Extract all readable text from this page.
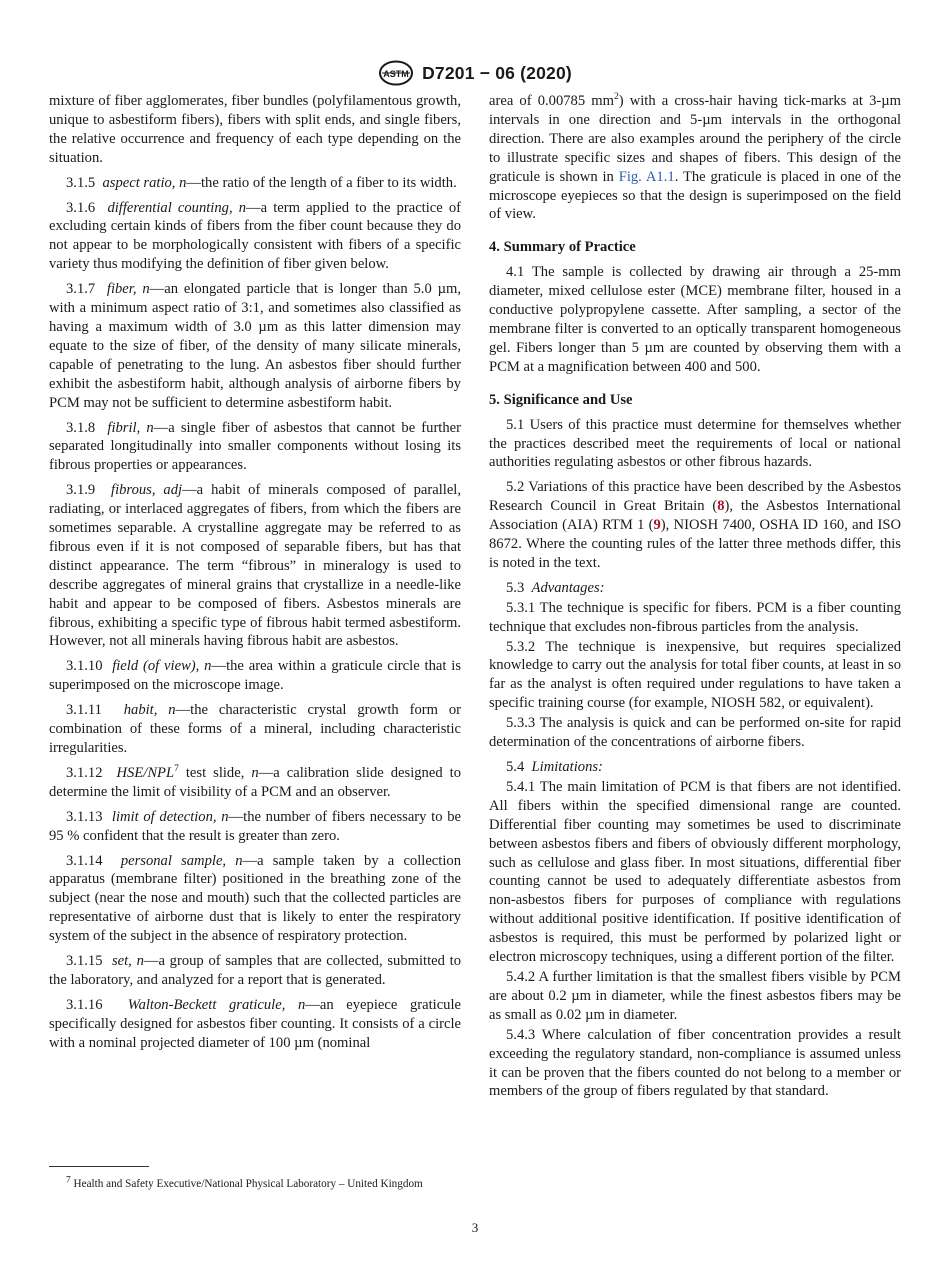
ASTM D7201 − 06 (2020)

mixture of fiber agglomerates, fiber bundles (polyfilamentous growth, unique to asbestiform fibers), fibers with split ends, and single fibers, the relative occurrence and frequency of each type depending on the situation.

3.1.5 aspect ratio, n—the ratio of the length of a fiber to its width.

3.1.6 differential counting, n—a term applied to the practice of excluding certain kinds of fibers from the fiber count because they do not appear to be morphologically consistent with fibers of a specific variety thus modifying the definition of fiber given below.

3.1.7 fiber, n—an elongated particle that is longer than 5.0 µm, with a minimum aspect ratio of 3:1, and sometimes also classified as having a maximum width of 3.0 µm as this latter dimension may equate to the size of fiber, of the density of many silicate minerals, capable of penetrating to the lung. An asbestos fiber should further exhibit the asbestiform habit, although analysis of airborne fibers by PCM may not be sufficient to determine asbestiform habit.

3.1.8 fibril, n—a single fiber of asbestos that cannot be further separated longitudinally into smaller components without losing its fibrous properties or appearances.

3.1.9 fibrous, adj—a habit of minerals composed of parallel, radiating, or interlaced aggregates of fibers, from which the fibers are sometimes separable. A crystalline aggregate may be referred to as fibrous even if it is not composed of separable fibers, but has that distinct appearance. The term “fibrous” in mineralogy is used to describe aggregates of mineral grains that crystallize in a needle-like habit and appear to be composed of fibers. Asbestos minerals are fibrous, exhibiting a specific type of fibrous habit termed asbestiform. However, not all minerals having fibrous habit are asbestos.

3.1.10 field (of view), n—the area within a graticule circle that is superimposed on the microscope image.

3.1.11 habit, n—the characteristic crystal growth form or combination of these forms of a mineral, including characteristic irregularities.

3.1.12 HSE/NPL$^7$ test slide, n—a calibration slide designed to determine the limit of visibility of a PCM and an observer.

3.1.13 limit of detection, n—the number of fibers necessary to be 95 % confident that the result is greater than zero.

3.1.14 personal sample, n—a sample taken by a collection apparatus (membrane filter) positioned in the breathing zone of the subject (near the nose and mouth) such that the collected particles are representative of airborne dust that is likely to enter the respiratory system of the subject in the absence of respiratory protection.

3.1.15 set, n—a group of samples that are collected, submitted to the laboratory, and analyzed for a report that is generated.

3.1.16 Walton-Beckett graticule, n—an eyepiece graticule specifically designed for asbestos fiber counting. It consists of a circle with a nominal projected diameter of 100 µm (nominal

area of 0.00785 $mm^2$) with a cross-hair having tick-marks at 3-µm intervals in one direction and 5-µm intervals in the orthogonal direction. There are also examples around the periphery of the circle to illustrate specific sizes and shapes of fibers. This design of the graticule is shown in Fig. A1.1. The graticule is placed in one of the microscope eyepieces so that the design is superimposed on the field of view.

4. Summary of Practice

4.1 The sample is collected by drawing air through a 25-mm diameter, mixed cellulose ester (MCE) membrane filter, housed in a conductive polypropylene cassette. After sampling, a sector of the membrane filter is converted to an optically transparent homogeneous gel. Fibers longer than 5 µm are counted by observing them with a PCM at a magnification between 400 and 500.

5. Significance and Use

5.1 Users of this practice must determine for themselves whether the practices described meet the requirements of local or national authorities regulating asbestos or other fibrous hazards.

5.2 Variations of this practice have been described by the Asbestos Research Council in Great Britain (8), the Asbestos International Association (AIA) RTM 1 (9), NIOSH 7400, OSHA ID 160, and ISO 8672. Where the counting rules of the latter three methods differ, this is noted in the text.

5.3 Advantages:

5.3.1 The technique is specific for fibers. PCM is a fiber counting technique that excludes non-fibrous particles from the analysis.

5.3.2 The technique is inexpensive, but requires specialized knowledge to carry out the analysis for total fiber counts, at least in so far as the analyst is often required under regulations to have taken a specific training course (for example, NIOSH 582, or equivalent).

5.3.3 The analysis is quick and can be performed on-site for rapid determination of the concentrations of airborne fibers.

5.4 Limitations:

5.4.1 The main limitation of PCM is that fibers are not identified. All fibers within the specified dimensional range are counted. Differential fiber counting may sometimes be used to discriminate between asbestos fibers and fibers of obviously different morphology, such as cellulose and glass fiber. In most situations, differential fiber counting cannot be used to adequately differentiate asbestos from non-asbestos fibers for purposes of compliance with regulations without additional positive identification. If positive identification of asbestos is required, this must be performed by polarized light or electron microscopy techniques, using a different portion of the filter.

5.4.2 A further limitation is that the smallest fibers visible by PCM are about 0.2 µm in diameter, while the finest asbestos fibers may be as small as 0.02 µm in diameter.

5.4.3 Where calculation of fiber concentration provides a result exceeding the regulatory standard, non-compliance is assumed unless it can be proven that the fibers counted do not belong to a member or members of the group of fibers regulated by that standard.

$^7$ Health and Safety Executive/National Physical Laboratory – United Kingdom
3
